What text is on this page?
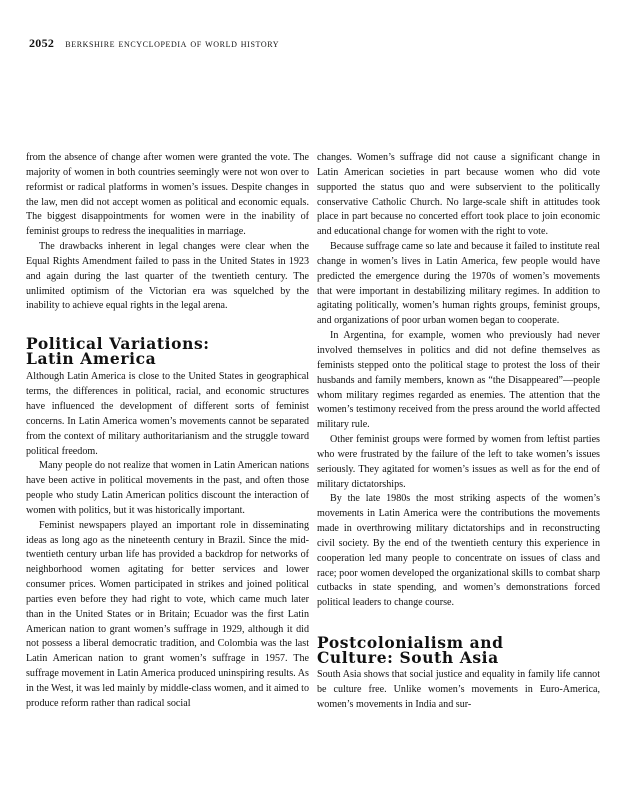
2052 berkshire encyclopedia of world history

from the absence of change after women were granted the vote. The majority of women in both countries seemingly were not won over to reformist or radical platforms in women’s issues. Despite changes in the law, men did not accept women as political and economic equals. The biggest disappointments for women were in the inability of feminist groups to redress the inequalities in marriage.

The drawbacks inherent in legal changes were clear when the Equal Rights Amendment failed to pass in the United States in 1923 and again during the last quarter of the twentieth century. The unlimited optimism of the Victorian era was squelched by the inability to achieve equal rights in the legal arena.

Political Variations:
Latin America

Although Latin America is close to the United States in geographical terms, the differences in political, racial, and economic structures have influenced the development of different sorts of feminist concerns. In Latin America women’s movements cannot be separated from the context of military authoritarianism and the struggle toward political freedom.

Many people do not realize that women in Latin American nations have been active in political movements in the past, and often those people who study Latin American politics discount the interaction of women with politics, but it was historically important.

Feminist newspapers played an important role in disseminating ideas as long ago as the nineteenth century in Brazil. Since the mid-twentieth century urban life has provided a backdrop for networks of neighborhood women agitating for better services and lower consumer prices. Women participated in strikes and joined political parties even before they had right to vote, which came much later than in the United States or in Britain; Ecuador was the first Latin American nation to grant women’s suffrage in 1929, although it did not possess a liberal democratic tradition, and Colombia was the last Latin American nation to grant women’s suffrage in 1957. The suffrage movement in Latin America produced uninspiring results. As in the West, it was led mainly by middle-class women, and it aimed to produce reform rather than radical social

changes. Women’s suffrage did not cause a significant change in Latin American societies in part because women who did vote supported the status quo and were subservient to the politically conservative Catholic Church. No large-scale shift in attitudes took place in part because no concerted effort took place to join economic and educational change for women with the right to vote.

Because suffrage came so late and because it failed to institute real change in women’s lives in Latin America, few people would have predicted the emergence during the 1970s of women’s movements that were important in destabilizing military regimes. In addition to agitating politically, women’s human rights groups, feminist groups, and organizations of poor urban women began to cooperate.

In Argentina, for example, women who previously had never involved themselves in politics and did not define themselves as feminists stepped onto the political stage to protest the loss of their husbands and family members, known as “the Disappeared”—people whom military regimes regarded as enemies. The attention that the women’s testimony received from the press around the world affected military rule.

Other feminist groups were formed by women from leftist parties who were frustrated by the failure of the left to take women’s issues seriously. They agitated for women’s issues as well as for the end of military dictatorships.

By the late 1980s the most striking aspects of the women’s movements in Latin America were the contributions the movements made in overthrowing military dictatorships and in reconstructing civil society. By the end of the twentieth century this experience in cooperation led many people to concentrate on issues of class and race; poor women developed the organizational skills to combat sharp cutbacks in state spending, and women’s demonstrations forced political leaders to change course.

Postcolonialism and
Culture: South Asia

South Asia shows that social justice and equality in family life cannot be culture free. Unlike women’s movements in Euro-America, women’s movements in India and sur-
